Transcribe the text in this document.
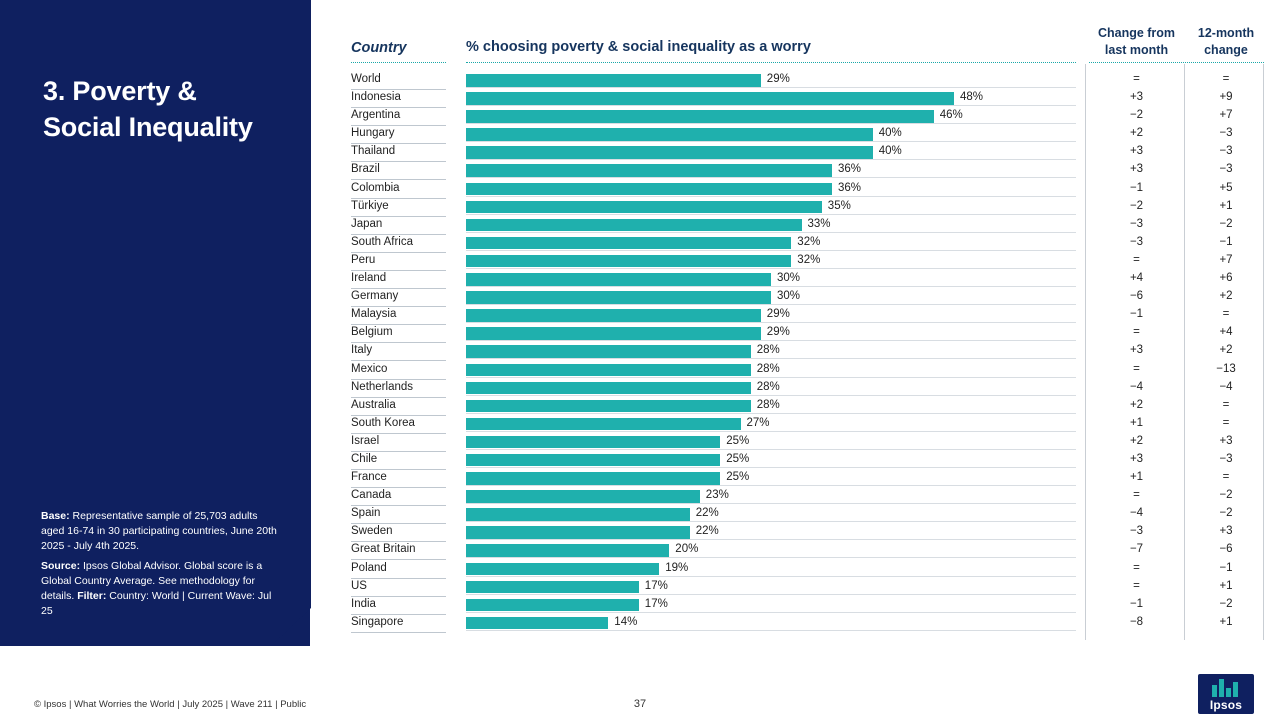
3. Poverty &
Social Inequality
Base: Representative sample of 25,703 adults aged 16-74 in 30 participating countries, June 20th 2025 - July 4th 2025.
Source: Ipsos Global Advisor. Global score is a Global Country Average. See methodology for details. Filter: Country: World | Current Wave: Jul 25
Country	% choosing poverty & social inequality as a worry
Change from
last month
12-month
change
World	29%	=	=
Indonesia	48%	+3	+9
Argentina	46%	−2	+7
Hungary	40%	+2	−3
Thailand	40%	+3	−3
Brazil	36%	+3	−3
Colombia	36%	−1	+5
Türkiye	35%	−2	+1
Japan	33%	−3	−2
South Africa	32%	−3	−1
Peru	32%	=	+7
Ireland	30%	+4	+6
Germany	30%	−6	+2
Malaysia	29%	−1	=
Belgium	29%	=	+4
Italy	28%	+3	+2
Mexico	28%	=	−13
Netherlands	28%	−4	−4
Australia	28%	+2	=
South Korea	27%	+1	=
Israel	25%	+2	+3
Chile	25%	+3	−3
France	25%	+1	=
Canada	23%	=	−2
Spain	22%	−4	−2
Sweden	22%	−3	+3
Great Britain	20%	−7	−6
Poland	19%	=	−1
US	17%	=	+1
India	17%	−1	−2
Singapore	14%	−8	+1
© Ipsos | What Worries the World | July 2025 | Wave 211 | Public	37	Ipsos
